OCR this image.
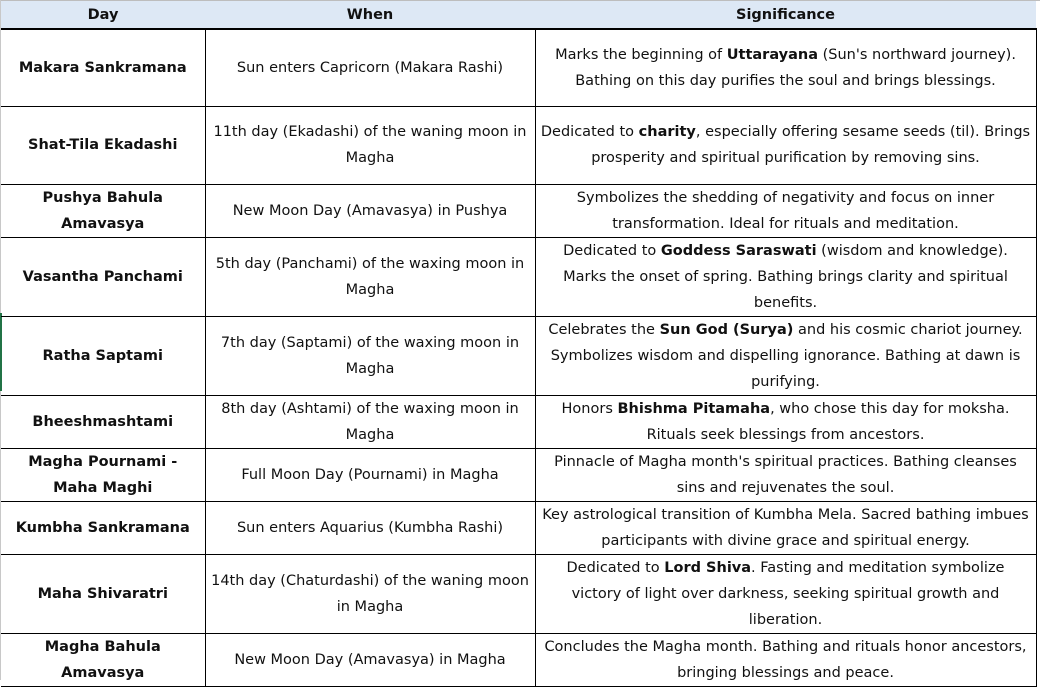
Day	When	Significance
Makara Sankramana	Sun enters Capricorn (Makara Rashi)	Marks the beginning of Uttarayana (Sun's northward journey). Bathing on this day purifies the soul and brings blessings.
Shat-Tila Ekadashi	11th day (Ekadashi) of the waning moon in Magha	Dedicated to charity, especially offering sesame seeds (til). Brings prosperity and spiritual purification by removing sins.
Pushya Bahula Amavasya	New Moon Day (Amavasya) in Pushya	Symbolizes the shedding of negativity and focus on inner transformation. Ideal for rituals and meditation.
Vasantha Panchami	5th day (Panchami) of the waxing moon in Magha	Dedicated to Goddess Saraswati (wisdom and knowledge). Marks the onset of spring. Bathing brings clarity and spiritual benefits.
Ratha Saptami	7th day (Saptami) of the waxing moon in Magha	Celebrates the Sun God (Surya) and his cosmic chariot journey. Symbolizes wisdom and dispelling ignorance. Bathing at dawn is purifying.
Bheeshmashtami	8th day (Ashtami) of the waxing moon in Magha	Honors Bhishma Pitamaha, who chose this day for moksha. Rituals seek blessings from ancestors.
Magha Pournami - Maha Maghi	Full Moon Day (Pournami) in Magha	Pinnacle of Magha month's spiritual practices. Bathing cleanses sins and rejuvenates the soul.
Kumbha Sankramana	Sun enters Aquarius (Kumbha Rashi)	Key astrological transition of Kumbha Mela. Sacred bathing imbues participants with divine grace and spiritual energy.
Maha Shivaratri	14th day (Chaturdashi) of the waning moon in Magha	Dedicated to Lord Shiva. Fasting and meditation symbolize victory of light over darkness, seeking spiritual growth and liberation.
Magha Bahula Amavasya	New Moon Day (Amavasya) in Magha	Concludes the Magha month. Bathing and rituals honor ancestors, bringing blessings and peace.
